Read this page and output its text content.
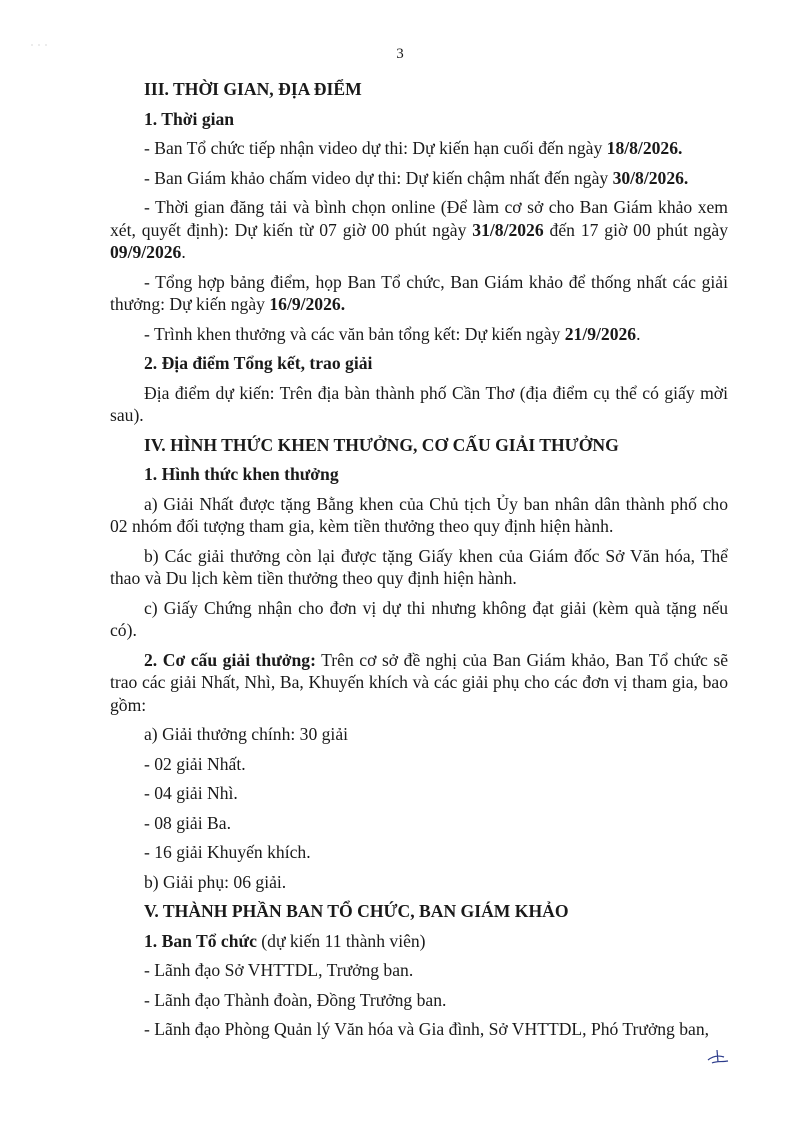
3

III. THỜI GIAN, ĐỊA ĐIỂM

1. Thời gian

- Ban Tổ chức tiếp nhận video dự thi: Dự kiến hạn cuối đến ngày 18/8/2026.

- Ban Giám khảo chấm video dự thi: Dự kiến chậm nhất đến ngày 30/8/2026.

- Thời gian đăng tải và bình chọn online (Để làm cơ sở cho Ban Giám khảo xem xét, quyết định): Dự kiến từ 07 giờ 00 phút ngày 31/8/2026 đến 17 giờ 00 phút ngày 09/9/2026.

- Tổng hợp bảng điểm, họp Ban Tổ chức, Ban Giám khảo để thống nhất các giải thưởng: Dự kiến ngày 16/9/2026.

- Trình khen thưởng và các văn bản tổng kết: Dự kiến ngày 21/9/2026.

2. Địa điểm Tổng kết, trao giải

Địa điểm dự kiến: Trên địa bàn thành phố Cần Thơ (địa điểm cụ thể có giấy mời sau).

IV. HÌNH THỨC KHEN THƯỞNG, CƠ CẤU GIẢI THƯỞNG

1. Hình thức khen thưởng

a) Giải Nhất được tặng Bằng khen của Chủ tịch Ủy ban nhân dân thành phố cho 02 nhóm đối tượng tham gia, kèm tiền thưởng theo quy định hiện hành.

b) Các giải thưởng còn lại được tặng Giấy khen của Giám đốc Sở Văn hóa, Thể thao và Du lịch kèm tiền thưởng theo quy định hiện hành.

c) Giấy Chứng nhận cho đơn vị dự thi nhưng không đạt giải (kèm quà tặng nếu có).

2. Cơ cấu giải thưởng: Trên cơ sở đề nghị của Ban Giám khảo, Ban Tổ chức sẽ trao các giải Nhất, Nhì, Ba, Khuyến khích và các giải phụ cho các đơn vị tham gia, bao gồm:

a) Giải thưởng chính: 30 giải

- 02 giải Nhất.

- 04 giải Nhì.

- 08 giải Ba.

- 16 giải Khuyến khích.

b) Giải phụ: 06 giải.

V. THÀNH PHẦN BAN TỔ CHỨC, BAN GIÁM KHẢO

1. Ban Tổ chức (dự kiến 11 thành viên)

- Lãnh đạo Sở VHTTDL, Trưởng ban.

- Lãnh đạo Thành đoàn, Đồng Trưởng ban.

- Lãnh đạo Phòng Quản lý Văn hóa và Gia đình, Sở VHTTDL, Phó Trưởng ban,
